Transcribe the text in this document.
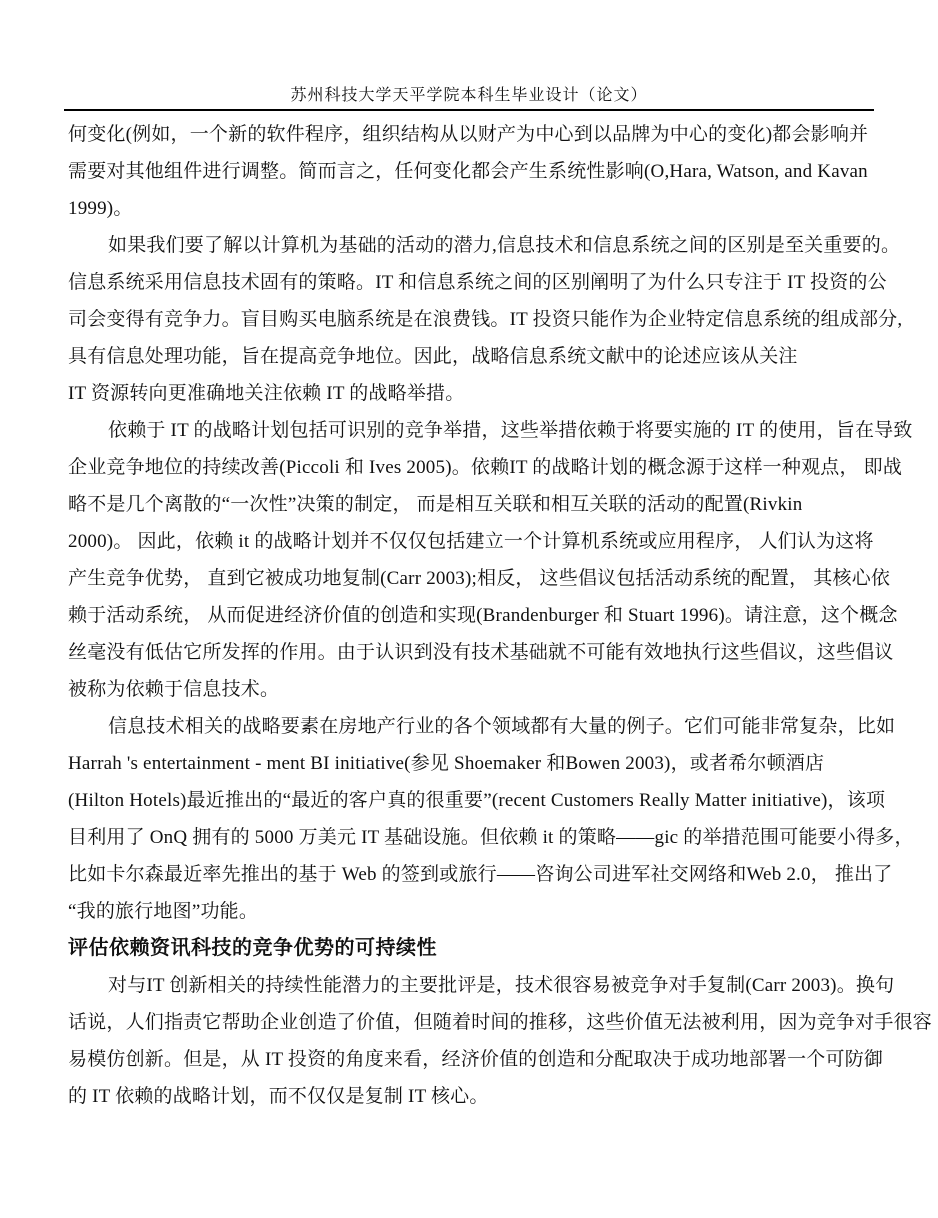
苏州科技大学天平学院本科生毕业设计（论文）
何变化(例如，一个新的软件程序，组织结构从以财产为中心到以品牌为中心的变化)都会影响并
需要对其他组件进行调整。简而言之，任何变化都会产生系统性影响(O,Hara, Watson, and Kavan
1999)。
如果我们要了解以计算机为基础的活动的潜力,信息技术和信息系统之间的区别是至关重要的。
信息系统采用信息技术固有的策略。IT 和信息系统之间的区别阐明了为什么只专注于 IT 投资的公
司会变得有竞争力。盲目购买电脑系统是在浪费钱。IT 投资只能作为企业特定信息系统的组成部分,
具有信息处理功能，旨在提高竞争地位。因此，战略信息系统文献中的论述应该从关注
IT 资源转向更准确地关注依赖 IT 的战略举措。
依赖于 IT 的战略计划包括可识别的竞争举措，这些举措依赖于将要实施的 IT 的使用，旨在导致
企业竞争地位的持续改善(Piccoli 和 Ives 2005)。依赖IT 的战略计划的概念源于这样一种观点， 即战
略不是几个离散的“一次性”决策的制定， 而是相互关联和相互关联的活动的配置(Rivkin
2000)。 因此，依赖 it 的战略计划并不仅仅包括建立一个计算机系统或应用程序， 人们认为这将
产生竞争优势， 直到它被成功地复制(Carr 2003);相反， 这些倡议包括活动系统的配置， 其核心依
赖于活动系统， 从而促进经济价值的创造和实现(Brandenburger 和 Stuart 1996)。请注意，这个概念
丝毫没有低估它所发挥的作用。由于认识到没有技术基础就不可能有效地执行这些倡议，这些倡议
被称为依赖于信息技术。
信息技术相关的战略要素在房地产行业的各个领域都有大量的例子。它们可能非常复杂，比如
Harrah 's entertainment - ment BI initiative(参见 Shoemaker 和Bowen 2003)，或者希尔顿酒店
(Hilton Hotels)最近推出的“最近的客户真的很重要”(recent Customers Really Matter initiative)，该项
目利用了 OnQ 拥有的 5000 万美元 IT 基础设施。但依赖 it 的策略——gic 的举措范围可能要小得多，
比如卡尔森最近率先推出的基于 Web 的签到或旅行——咨询公司进军社交网络和Web 2.0， 推出了
“我的旅行地图”功能。
评估依赖资讯科技的竞争优势的可持续性
对与IT 创新相关的持续性能潜力的主要批评是，技术很容易被竞争对手复制(Carr 2003)。换句
话说，人们指责它帮助企业创造了价值，但随着时间的推移，这些价值无法被利用，因为竞争对手很容
易模仿创新。但是，从 IT 投资的角度来看，经济价值的创造和分配取决于成功地部署一个可防御
的 IT 依赖的战略计划，而不仅仅是复制 IT 核心。
